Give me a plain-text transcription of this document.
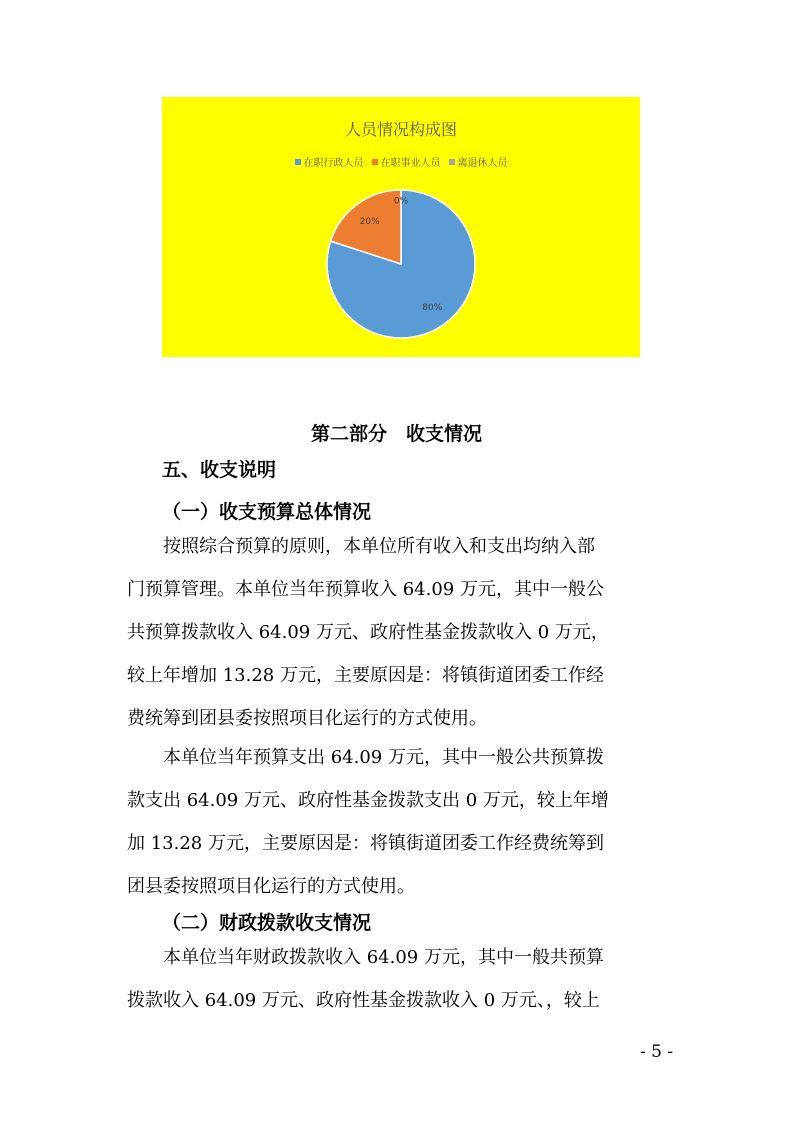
80%
20%
0%
人员情况构成图
在职行政人员 在职事业人员 离退休人员
第二部分　收支情况
五、收支说明
（一）收支预算总体情况

按照综合预算的原则，本单位所有收入和支出均纳入部
门预算管理。本单位当年预算收入 64.09 万元，其中一般公
共预算拨款收入 64.09 万元、政府性基金拨款收入 0 万元，
较上年增加 13.28 万元，主要原因是：将镇街道团委工作经
费统筹到团县委按照项目化运行的方式使用。

本单位当年预算支出 64.09 万元，其中一般公共预算拨
款支出 64.09 万元、政府性基金拨款支出 0 万元，较上年增
加 13.28 万元，主要原因是：将镇街道团委工作经费统筹到
团县委按照项目化运行的方式使用。

（二）财政拨款收支情况

本单位当年财政拨款收入 64.09 万元，其中一般共预算
拨款收入 64.09 万元、政府性基金拨款收入 0 万元、，较上

- 5 -
